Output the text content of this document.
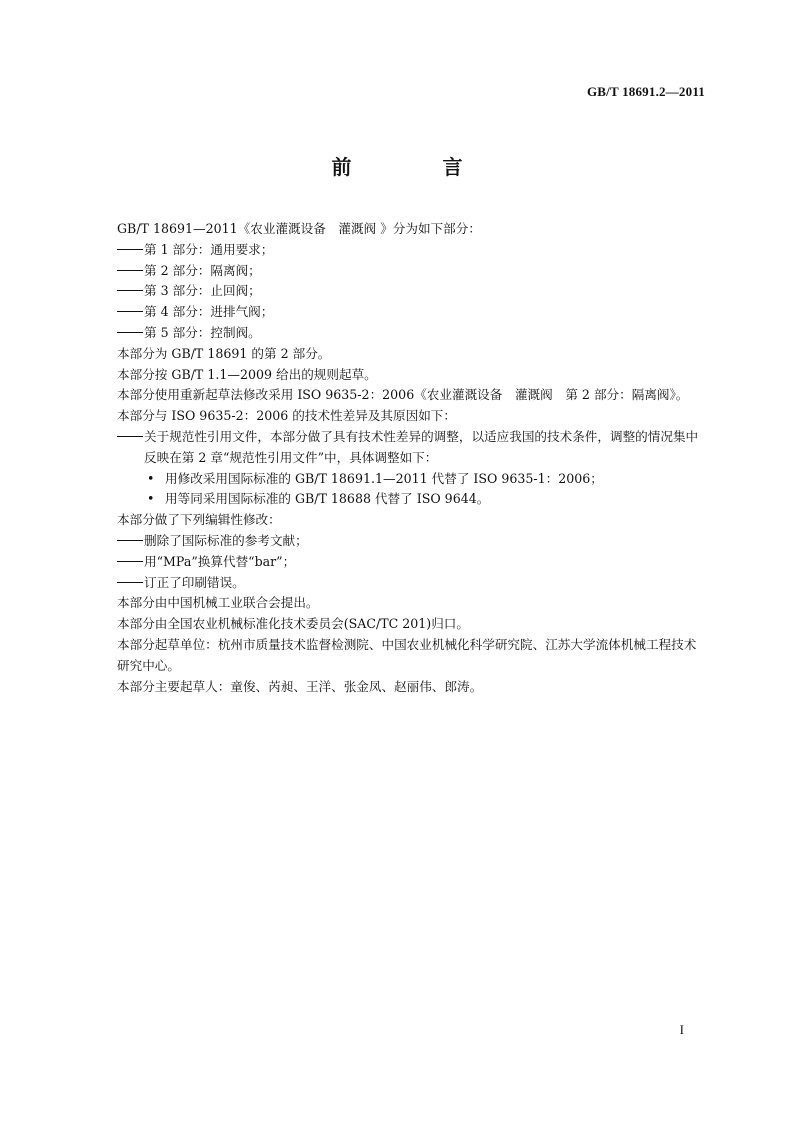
GB/T 18691.2—2011
前 言

GB/T 18691—2011《农业灌溉设备　灌溉阀 》分为如下部分：

第 1 部分：通用要求；

第 2 部分：隔离阀；

第 3 部分：止回阀；

第 4 部分：进排气阀；

第 5 部分：控制阀。

本部分为 GB/T 18691 的第 2 部分。

本部分按 GB/T 1.1—2009 给出的规则起草。

本部分使用重新起草法修改采用 ISO 9635-2：2006《农业灌溉设备　灌溉阀　第 2 部分：隔离阀》。

本部分与 ISO 9635-2：2006 的技术性差异及其原因如下：

关于规范性引用文件，本部分做了具有技术性差异的调整，以适应我国的技术条件，调整的情况集中反映在第 2 章“规范性引用文件”中，具体调整如下：

• 用修改采用国际标准的 GB/T 18691.1—2011 代替了 ISO 9635-1：2006；

• 用等同采用国际标准的 GB/T 18688 代替了 ISO 9644。

本部分做了下列编辑性修改：

删除了国际标准的参考文献；

用“MPa”换算代替“bar”；

订正了印刷错误。

本部分由中国机械工业联合会提出。

本部分由全国农业机械标准化技术委员会(SAC/TC 201)归口。

本部分起草单位：杭州市质量技术监督检测院、中国农业机械化科学研究院、江苏大学流体机械工程技术研究中心。

本部分主要起草人：童俊、芮昶、王洋、张金凤、赵丽伟、郎涛。

I
